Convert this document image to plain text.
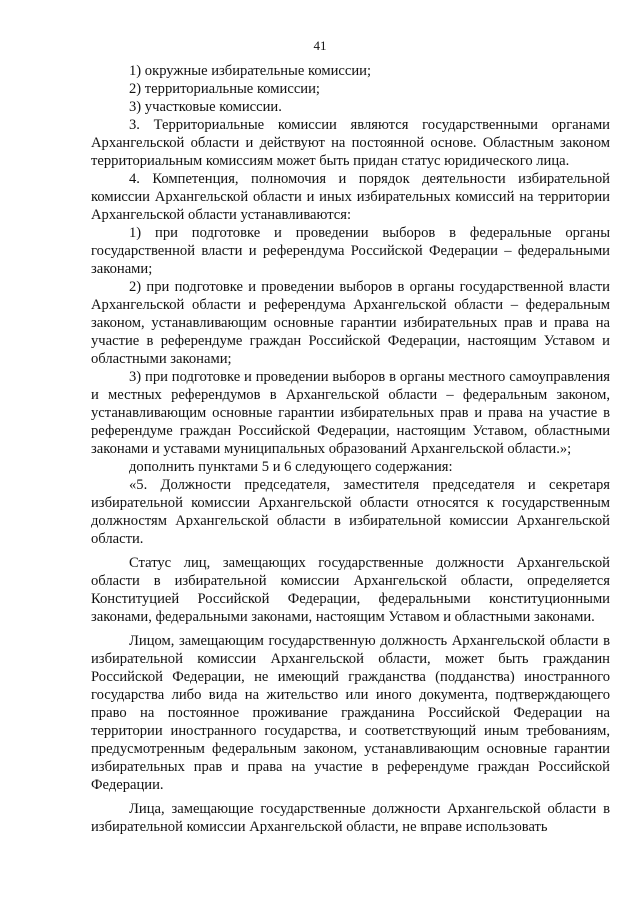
41

1) окружные избирательные комиссии;

2) территориальные комиссии;

3) участковые комиссии.

3. Территориальные комиссии являются государственными органами Архангельской области и действуют на постоянной основе. Областным законом территориальным комиссиям может быть придан статус юридического лица.

4. Компетенция, полномочия и порядок деятельности избирательной комиссии Архангельской области и иных избирательных комиссий на территории Архангельской области устанавливаются:

1) при подготовке и проведении выборов в федеральные органы государственной власти и референдума Российской Федерации – федеральными законами;

2) при подготовке и проведении выборов в органы государственной власти Архангельской области и референдума Архангельской области – федеральным законом, устанавливающим основные гарантии избирательных прав и права на участие в референдуме граждан Российской Федерации, настоящим Уставом и областными законами;

3) при подготовке и проведении выборов в органы местного самоуправления и местных референдумов в Архангельской области – федеральным законом, устанавливающим основные гарантии избирательных прав и права на участие в референдуме граждан Российской Федерации, настоящим Уставом, областными законами и уставами муниципальных образований Архангельской области.»;

дополнить пунктами 5 и 6 следующего содержания:

«5. Должности председателя, заместителя председателя и секретаря избирательной комиссии Архангельской области относятся к государственным должностям Архангельской области в избирательной комиссии Архангельской области.

Статус лиц, замещающих государственные должности Архангельской области в избирательной комиссии Архангельской области, определяется Конституцией Российской Федерации, федеральными конституционными законами, федеральными законами, настоящим Уставом и областными законами.

Лицом, замещающим государственную должность Архангельской области в избирательной комиссии Архангельской области, может быть гражданин Российской Федерации, не имеющий гражданства (подданства) иностранного государства либо вида на жительство или иного документа, подтверждающего право на постоянное проживание гражданина Российской Федерации на территории иностранного государства, и соответствующий иным требованиям, предусмотренным федеральным законом, устанавливающим основные гарантии избирательных прав и права на участие в референдуме граждан Российской Федерации.

Лица, замещающие государственные должности Архангельской области в избирательной комиссии Архангельской области, не вправе использовать
